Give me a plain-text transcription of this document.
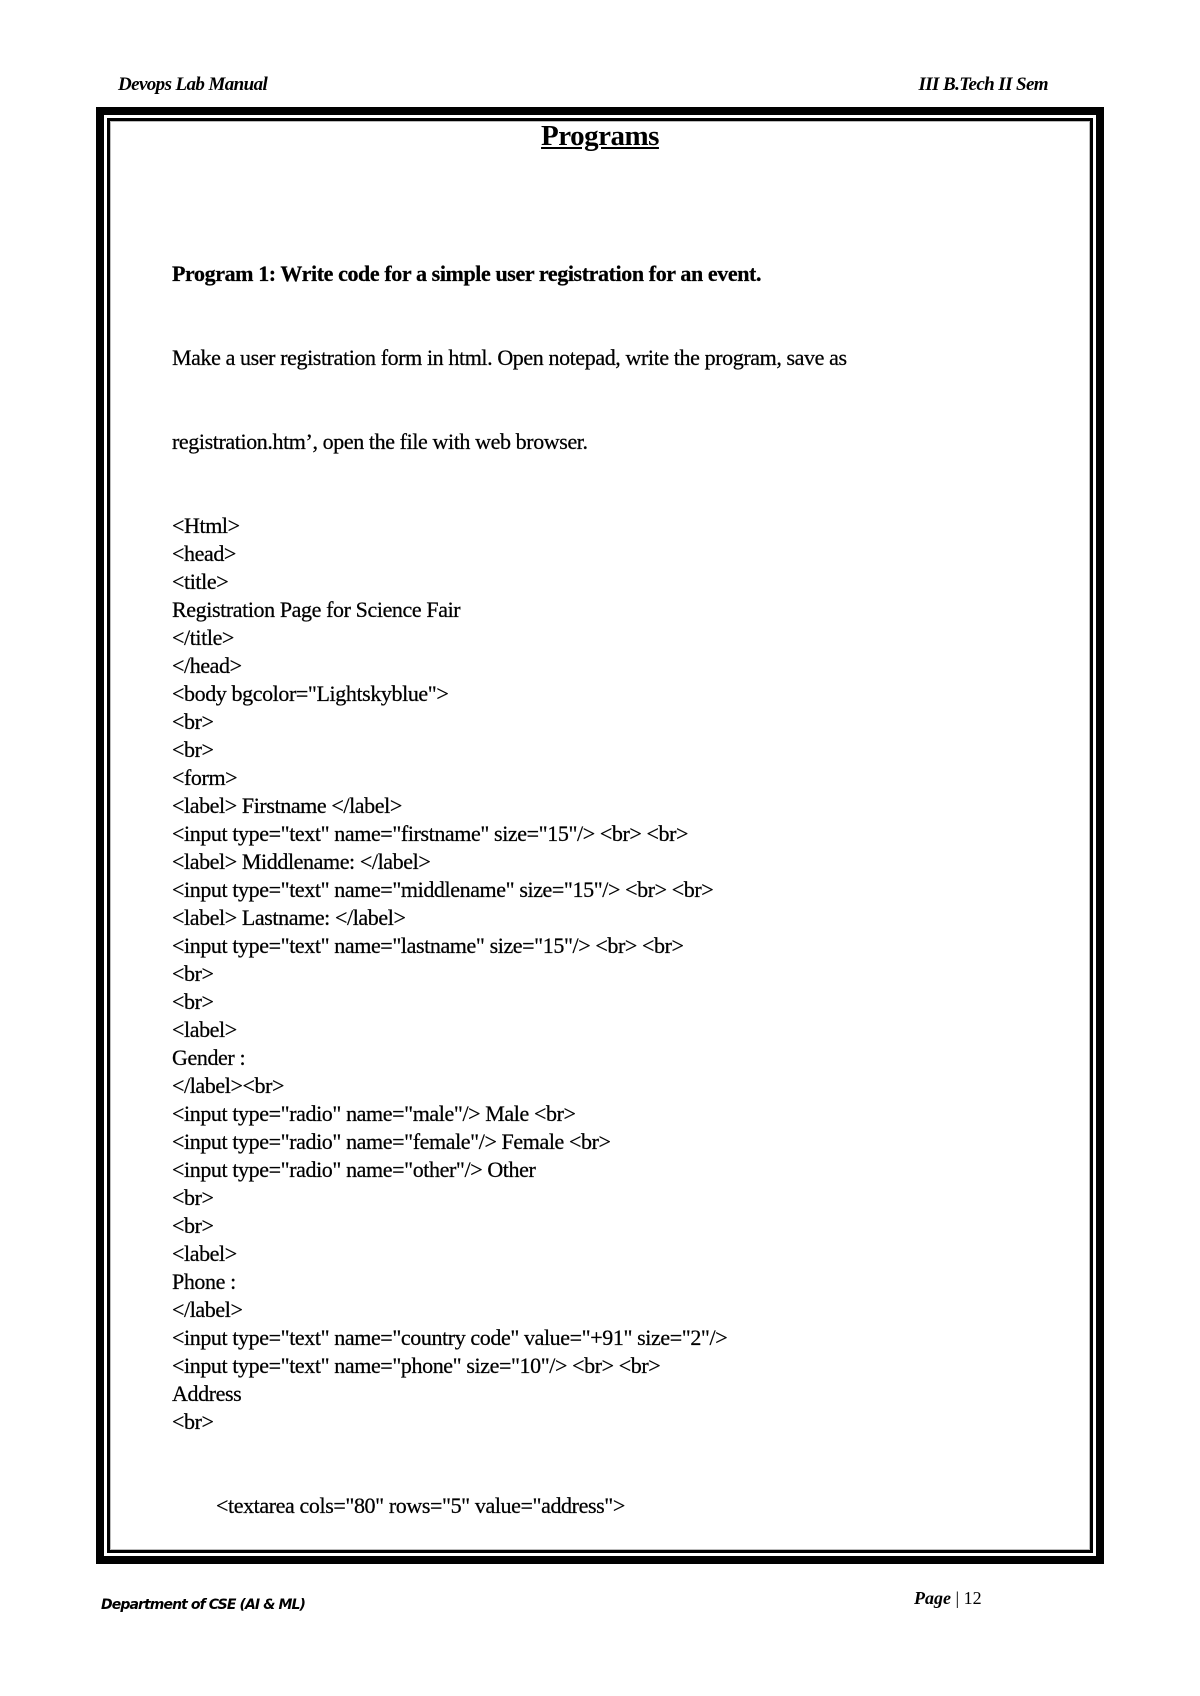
Devops Lab Manual	III B.Tech II Sem
Programs

Program 1: Write code for a simple user registration for an event.

Make a user registration form in html. Open notepad, write the program, save as

registration.htm’, open the file with web browser.

<Html>
<head>
<title>
Registration Page for Science Fair
</title>
</head>
<body bgcolor="Lightskyblue">
<br>
<br>
<form>
<label> Firstname </label>
<input type="text" name="firstname" size="15"/> <br> <br>
<label> Middlename: </label>
<input type="text" name="middlename" size="15"/> <br> <br>
<label> Lastname: </label>
<input type="text" name="lastname" size="15"/> <br> <br>
<br>
<br>
<label>
Gender :
</label><br>
<input type="radio" name="male"/> Male <br>
<input type="radio" name="female"/> Female <br>
<input type="radio" name="other"/> Other
<br>
<br>
<label>
Phone :
</label>
<input type="text" name="country code" value="+91" size="2"/>
<input type="text" name="phone" size="10"/> <br> <br>
Address
<br>

<textarea cols="80" rows="5" value="address">

Department of CSE (AI & ML)	Page | 12
